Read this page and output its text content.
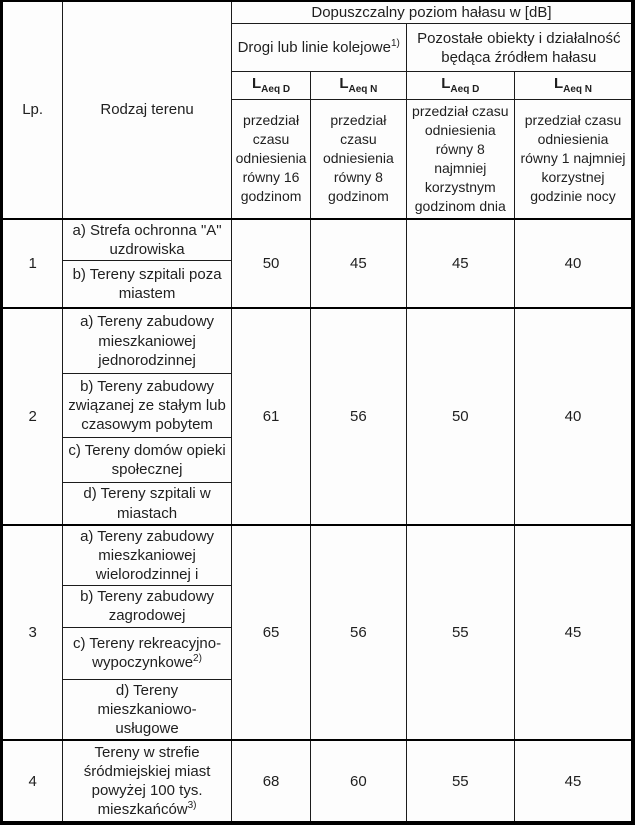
Lp.	Rodzaj terenu	Dopuszczalny poziom hałasu w [dB]			
		Drogi lub linie kolejowe$^{1)}$		Pozostałe obiekty i działalność będąca źródłem hałasu	
		$L_{Aeq D}$	$L_{Aeq N}$	$L_{Aeq D}$	$L_{Aeq N}$
		przedział czasu odniesienia równy 16 godzinom	przedział czasu odniesienia równy 8 godzinom	przedział czasu odniesienia równy 8 najmniej korzystnym godzinom dnia	przedział czasu odniesienia równy 1 najmniej korzystnej godzinie nocy
1	a) Strefa ochronna "A" uzdrowiska	50	45	45	40
	b) Tereny szpitali poza miastem				
2	a) Tereny zabudowy mieszkaniowej jednorodzinnej	61	56	50	40
	b) Tereny zabudowy związanej ze stałym lub czasowym pobytem				
	c) Tereny domów opieki społecznej				
	d) Tereny szpitali w miastach				
3	a) Tereny zabudowy mieszkaniowej wielorodzinnej i	65	56	55	45
	b) Tereny zabudowy zagrodowej				
	c) Tereny rekreacyjno-wypoczynkowe$^{2)}$
	d) Tereny mieszkaniowo-usługowe				
4	Tereny w strefie śródmiejskiej miast powyżej 100 tys. mieszkańców$^{3)}$	68	60	55	45
